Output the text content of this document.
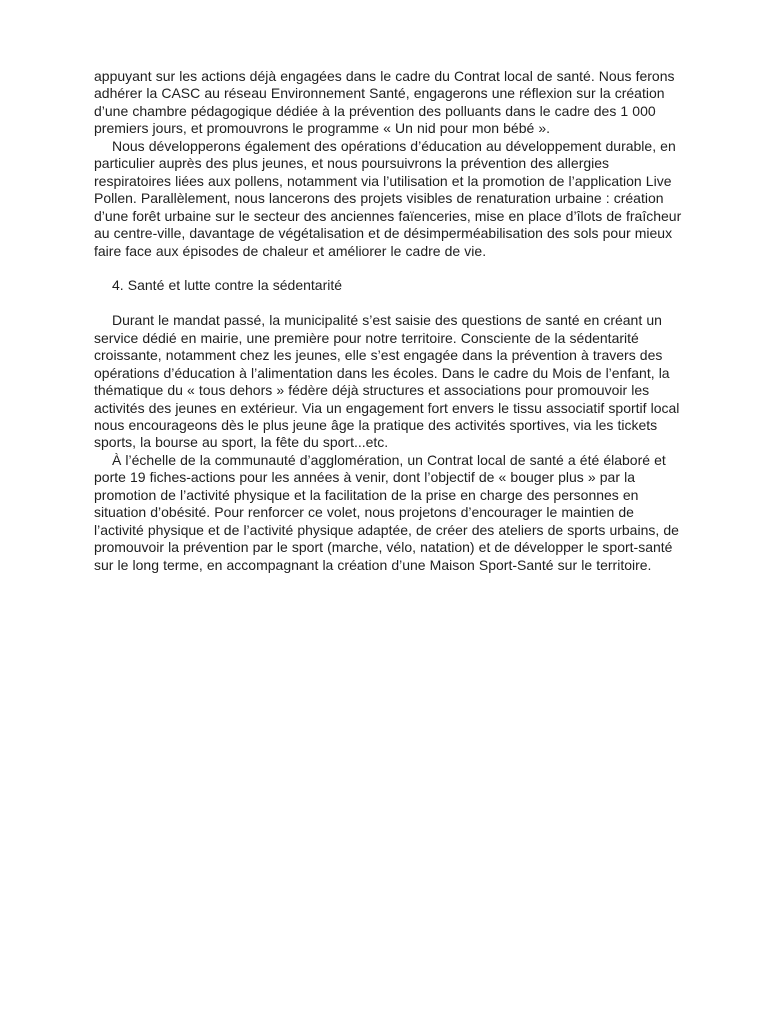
appuyant sur les actions déjà engagées dans le cadre du Contrat local de santé. Nous ferons adhérer la CASC au réseau Environnement Santé, engagerons une réflexion sur la création d’une chambre pédagogique dédiée à la prévention des polluants dans le cadre des 1 000 premiers jours, et promouvrons le programme « Un nid pour mon bébé ».

Nous développerons également des opérations d’éducation au développement durable, en particulier auprès des plus jeunes, et nous poursuivrons la prévention des allergies respiratoires liées aux pollens, notamment via l’utilisation et la promotion de l’application Live Pollen. Parallèlement, nous lancerons des projets visibles de renaturation urbaine : création d’une forêt urbaine sur le secteur des anciennes faïenceries, mise en place d’îlots de fraîcheur au centre-ville, davantage de végétalisation et de désimperméabilisation des sols pour mieux faire face aux épisodes de chaleur et améliorer le cadre de vie.

4. Santé et lutte contre la sédentarité

Durant le mandat passé, la municipalité s’est saisie des questions de santé en créant un service dédié en mairie, une première pour notre territoire. Consciente de la sédentarité croissante, notamment chez les jeunes, elle s’est engagée dans la prévention à travers des opérations d’éducation à l’alimentation dans les écoles. Dans le cadre du Mois de l’enfant, la thématique du « tous dehors » fédère déjà structures et associations pour promouvoir les activités des jeunes en extérieur. Via un engagement fort envers le tissu associatif sportif local nous encourageons dès le plus jeune âge la pratique des activités sportives, via les tickets sports, la bourse au sport, la fête du sport...etc.

À l’échelle de la communauté d’agglomération, un Contrat local de santé a été élaboré et porte 19 fiches-actions pour les années à venir, dont l’objectif de « bouger plus » par la promotion de l’activité physique et la facilitation de la prise en charge des personnes en situation d’obésité. Pour renforcer ce volet, nous projetons d’encourager le maintien de l’activité physique et de l’activité physique adaptée, de créer des ateliers de sports urbains, de promouvoir la prévention par le sport (marche, vélo, natation) et de développer le sport-santé sur le long terme, en accompagnant la création d’une Maison Sport-Santé sur le territoire.
